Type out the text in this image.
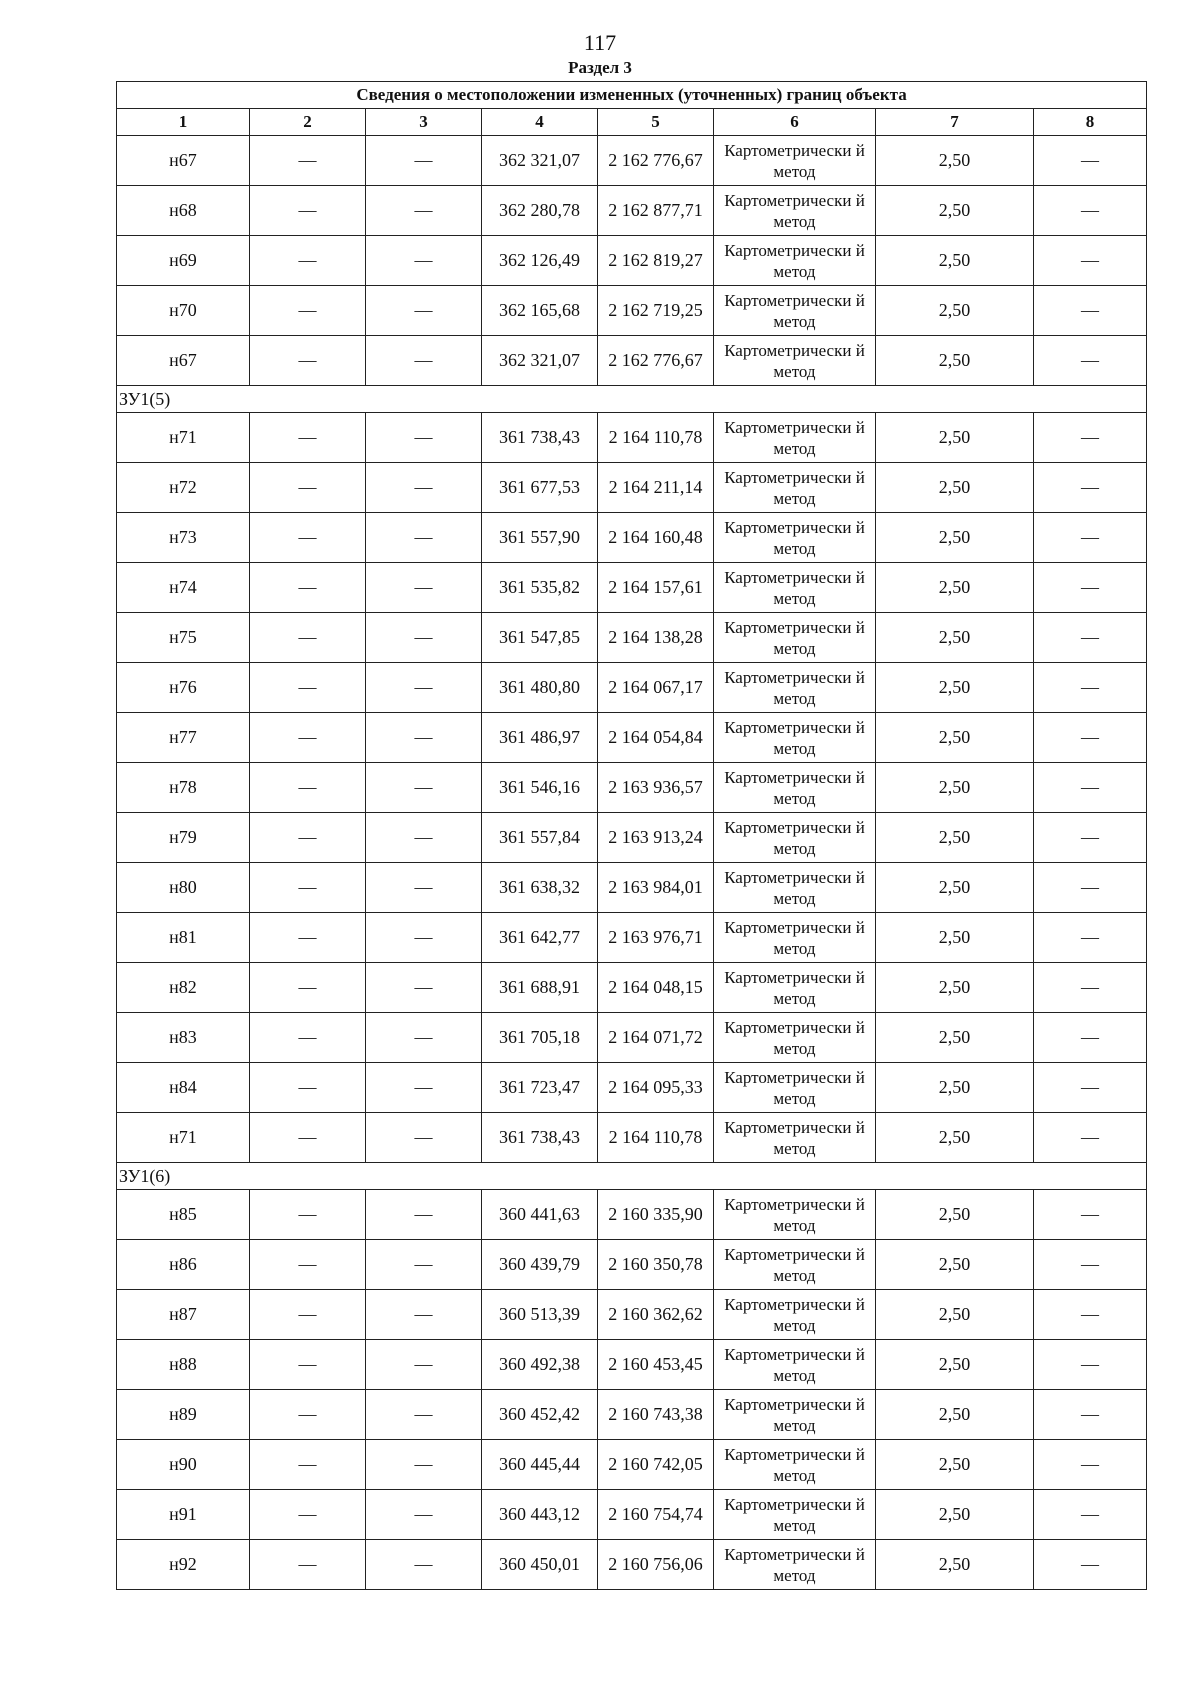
117
Раздел 3
Сведения о местоположении измененных (уточненных) границ объекта							
1	2	3	4	5	6	7	8
н67	—	—	362 321,07	2 162 776,67	Картометрически й метод	2,50	—
н68	—	—	362 280,78	2 162 877,71	Картометрически й метод	2,50	—
н69	—	—	362 126,49	2 162 819,27	Картометрически й метод	2,50	—
н70	—	—	362 165,68	2 162 719,25	Картометрически й метод	2,50	—
н67	—	—	362 321,07	2 162 776,67	Картометрически й метод	2,50	—
ЗУ1(5)							
н71	—	—	361 738,43	2 164 110,78	Картометрически й метод	2,50	—
н72	—	—	361 677,53	2 164 211,14	Картометрически й метод	2,50	—
н73	—	—	361 557,90	2 164 160,48	Картометрически й метод	2,50	—
н74	—	—	361 535,82	2 164 157,61	Картометрически й метод	2,50	—
н75	—	—	361 547,85	2 164 138,28	Картометрически й метод	2,50	—
н76	—	—	361 480,80	2 164 067,17	Картометрически й метод	2,50	—
н77	—	—	361 486,97	2 164 054,84	Картометрически й метод	2,50	—
н78	—	—	361 546,16	2 163 936,57	Картометрически й метод	2,50	—
н79	—	—	361 557,84	2 163 913,24	Картометрически й метод	2,50	—
н80	—	—	361 638,32	2 163 984,01	Картометрически й метод	2,50	—
н81	—	—	361 642,77	2 163 976,71	Картометрически й метод	2,50	—
н82	—	—	361 688,91	2 164 048,15	Картометрически й метод	2,50	—
н83	—	—	361 705,18	2 164 071,72	Картометрически й метод	2,50	—
н84	—	—	361 723,47	2 164 095,33	Картометрически й метод	2,50	—
н71	—	—	361 738,43	2 164 110,78	Картометрически й метод	2,50	—
ЗУ1(6)							
н85	—	—	360 441,63	2 160 335,90	Картометрически й метод	2,50	—
н86	—	—	360 439,79	2 160 350,78	Картометрически й метод	2,50	—
н87	—	—	360 513,39	2 160 362,62	Картометрически й метод	2,50	—
н88	—	—	360 492,38	2 160 453,45	Картометрически й метод	2,50	—
н89	—	—	360 452,42	2 160 743,38	Картометрически й метод	2,50	—
н90	—	—	360 445,44	2 160 742,05	Картометрически й метод	2,50	—
н91	—	—	360 443,12	2 160 754,74	Картометрически й метод	2,50	—
н92	—	—	360 450,01	2 160 756,06	Картометрически й метод	2,50	—
